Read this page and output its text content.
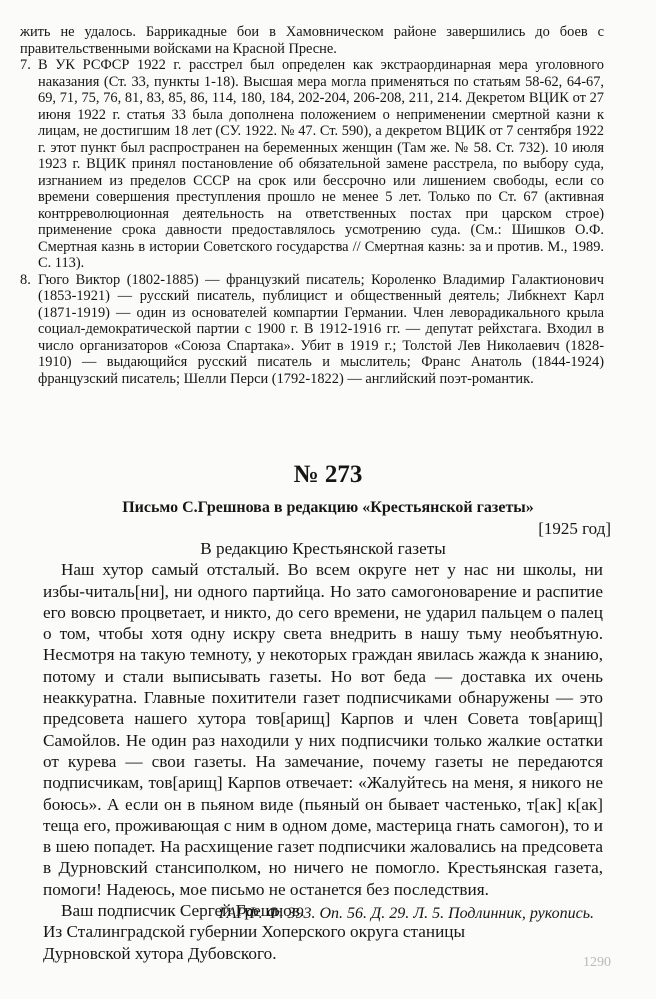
жить не удалось. Баррикадные бои в Хамовническом районе завершились до боев с правительственными войсками на Красной Пресне.

7. В УК РСФСР 1922 г. расстрел был определен как экстраординарная мера уголовного наказания (Ст. 33, пункты 1-18). Высшая мера могла применяться по статьям 58-62, 64-67, 69, 71, 75, 76, 81, 83, 85, 86, 114, 180, 184, 202-204, 206-208, 211, 214. Декретом ВЦИК от 27 июня 1922 г. статья 33 была дополнена положением о неприменении смертной казни к лицам, не достигшим 18 лет (СУ. 1922. № 47. Ст. 590), а декретом ВЦИК от 7 сентября 1922 г. этот пункт был распространен на беременных женщин (Там же. № 58. Ст. 732). 10 июля 1923 г. ВЦИК принял постановление об обязательной замене расстрела, по выбору суда, изгнанием из пределов СССР на срок или бессрочно или лишением свободы, если со времени совершения преступления прошло не менее 5 лет. Только по Ст. 67 (активная контрреволюционная деятельность на ответственных постах при царском строе) применение срока давности предоставлялось усмотрению суда. (См.: Шишков О.Ф. Смертная казнь в истории Советского государства // Смертная казнь: за и против. М., 1989. С. 113).
8. Гюго Виктор (1802-1885) — французкий писатель; Короленко Владимир Галактионович (1853-1921) — русский писатель, публицист и общественный деятель; Либкнехт Карл (1871-1919) — один из основателей компартии Германии. Член леворадикального крыла социал-демократической партии с 1900 г. В 1912-1916 гг. — депутат рейхстага. Входил в число организаторов «Союза Спартака». Убит в 1919 г.; Толстой Лев Николаевич (1828-1910) — выдающийся русский писатель и мыслитель; Франс Анатоль (1844-1924) французский писатель; Шелли Перси (1792-1822) — английский поэт-романтик.
№ 273
Письмо С.Грешнова в редакцию «Крестьянской газеты»
[1925 год]

В редакцию Крестьянской газеты

Наш хутор самый отсталый. Во всем округе нет у нас ни школы, ни избы-читаль[ни], ни одного партийца. Но зато самогоноварение и распитие его вовсю процветает, и никто, до сего времени, не ударил пальцем о палец о том, чтобы хотя одну искру света внедрить в нашу тьму необъятную. Несмотря на такую темноту, у некоторых граждан явилась жажда к знанию, потому и стали выписывать газеты. Но вот беда — доставка их очень неаккуратна. Главные похитители газет подписчиками обнаружены — это предсовета нашего хутора тов[арищ] Карпов и член Совета тов[арищ] Самойлов. Не один раз находили у них подписчики только жалкие остатки от курева — свои газеты. На замечание, почему газеты не передаются подписчикам, тов[арищ] Карпов отвечает: «Жалуйтесь на меня, я никого не боюсь». А если он в пьяном виде (пьяный он бывает частенько, т[ак] к[ак] теща его, проживающая с ним в одном доме, мастерица гнать самогон), то и в шею попадет. На расхищение газет подписчики жаловались на предсовета в Дурновский стансиполком, но ничего не помогло. Крестьянская газета, помоги! Надеюсь, мое письмо не останется без последствия.

Ваш подписчик Сергей Грешнов.

Из Сталинградской губернии Хоперского округа станицы

Дурновской хутора Дубовского.

ГАРФ. Ф. 393. Оп. 56. Д. 29. Л. 5. Подлинник, рукопись.
1290
